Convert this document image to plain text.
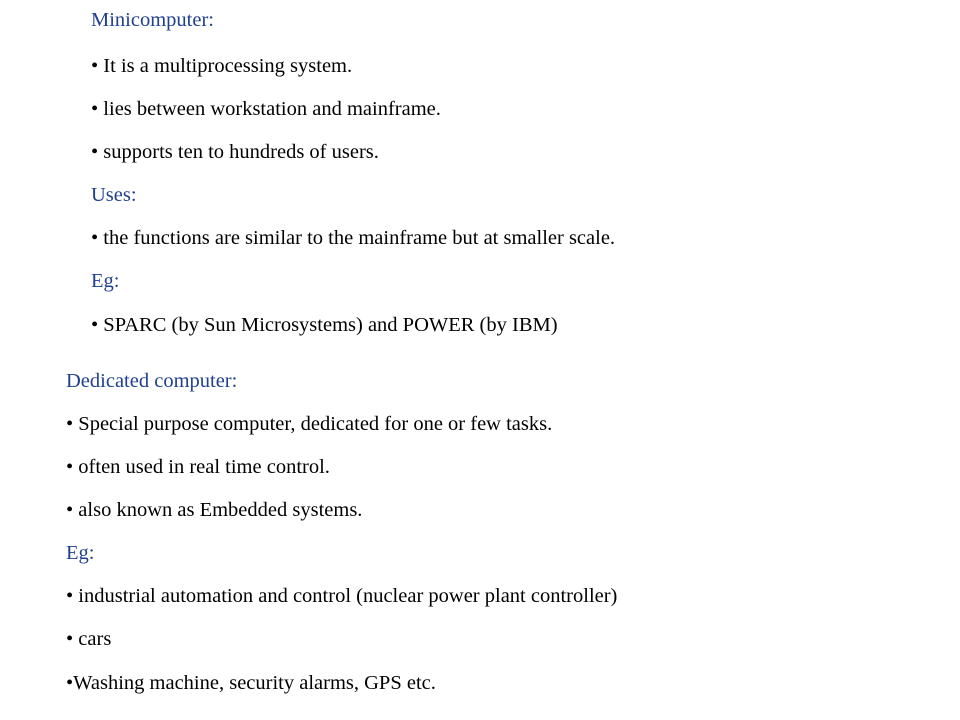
Minicomputer:
• It is a multiprocessing system.
• lies between workstation and mainframe.
• supports ten to hundreds of users.
Uses:
• the functions are similar to the mainframe but at smaller scale.
Eg:
• SPARC (by Sun Microsystems) and POWER (by IBM)
Dedicated computer:
• Special purpose computer, dedicated for one or few tasks.
• often used in real time control.
• also known as Embedded systems.
Eg:
• industrial automation and control (nuclear power plant controller)
• cars
•Washing machine, security alarms, GPS etc.
